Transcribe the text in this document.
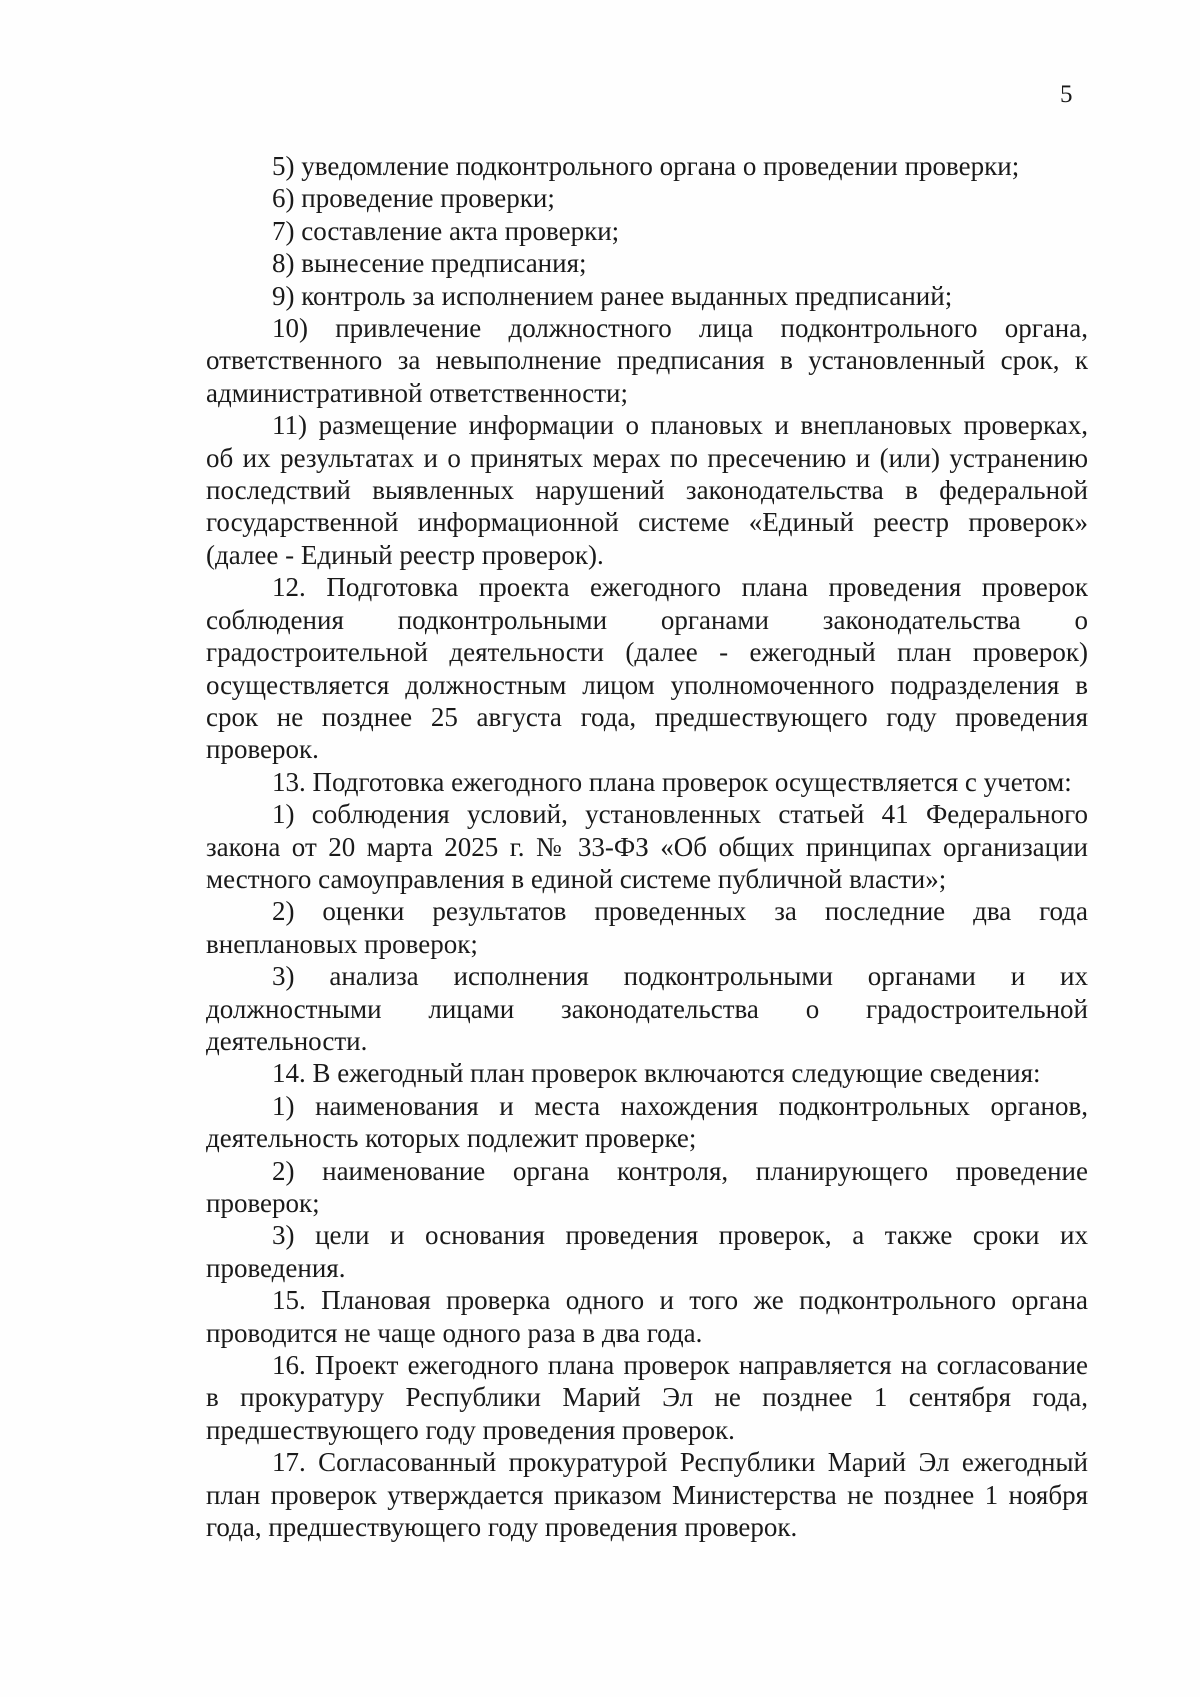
5

5) уведомление подконтрольного органа о проведении проверки;

6) проведение проверки;

7) составление акта проверки;

8) вынесение предписания;

9) контроль за исполнением ранее выданных предписаний;

10) привлечение должностного лица подконтрольного органа, ответственного за невыполнение предписания в установленный срок, к административной ответственности;

11) размещение информации о плановых и внеплановых проверках, об их результатах и о принятых мерах по пресечению и (или) устранению последствий выявленных нарушений законодательства в федеральной государственной информационной системе «Единый реестр проверок» (далее - Единый реестр проверок).

12. Подготовка проекта ежегодного плана проведения проверок соблюдения подконтрольными органами законодательства о градостроительной деятельности (далее - ежегодный план проверок) осуществляется должностным лицом уполномоченного подразделения в срок не позднее 25 августа года, предшествующего году проведения проверок.

13. Подготовка ежегодного плана проверок осуществляется с учетом:

1) соблюдения условий, установленных статьей 41 Федерального закона от 20 марта 2025 г. № 33-ФЗ «Об общих принципах организации местного самоуправления в единой системе публичной власти»;

2) оценки результатов проведенных за последние два года внеплановых проверок;

3) анализа исполнения подконтрольными органами и их должностными лицами законодательства о градостроительной деятельности.

14. В ежегодный план проверок включаются следующие сведения:

1) наименования и места нахождения подконтрольных органов, деятельность которых подлежит проверке;

2) наименование органа контроля, планирующего проведение проверок;

3) цели и основания проведения проверок, а также сроки их проведения.

15. Плановая проверка одного и того же подконтрольного органа проводится не чаще одного раза в два года.

16. Проект ежегодного плана проверок направляется на согласование в прокуратуру Республики Марий Эл не позднее 1 сентября года, предшествующего году проведения проверок.

17. Согласованный прокуратурой Республики Марий Эл ежегодный план проверок утверждается приказом Министерства не позднее 1 ноября года, предшествующего году проведения проверок.
